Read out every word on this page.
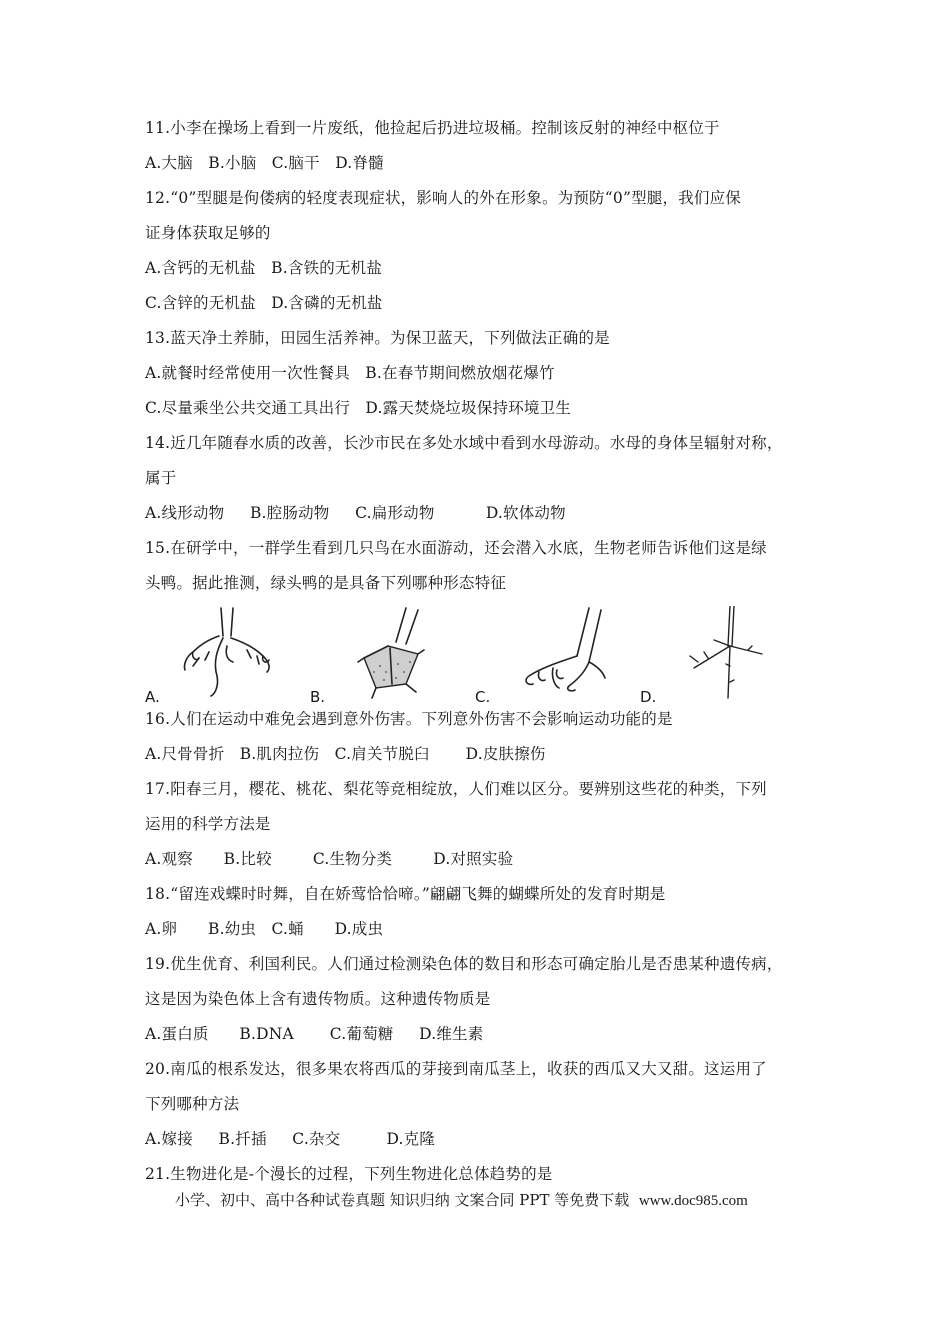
11.小李在操场上看到一片废纸，他捡起后扔进垃圾桶。控制该反射的神经中枢位于
A.大脑   B.小脑   C.脑干   D.脊髓
12.“0”型腿是佝偻病的轻度表现症状，影响人的外在形象。为预防“0”型腿，我们应保
证身体获取足够的
A.含钙的无机盐   B.含铁的无机盐
C.含锌的无机盐   D.含磷的无机盐
13.蓝天净土养肺，田园生活养神。为保卫蓝天，下列做法正确的是
A.就餐时经常使用一次性餐具   B.在春节期间燃放烟花爆竹
C.尽量乘坐公共交通工具出行   D.露天焚烧垃圾保持环境卫生
14.近几年随春水质的改善，长沙市民在多处水域中看到水母游动。水母的身体呈辐射对称，
属于
A.线形动物     B.腔肠动物     C.扁形动物          D.软体动物
15.在研学中，一群学生看到几只鸟在水面游动，还会潜入水底，生物老师告诉他们这是绿
头鸭。据此推测，绿头鸭的是具备下列哪种形态特征
A.	B.	C.	D.
16.人们在运动中难免会遇到意外伤害。下列意外伤害不会影响运动功能的是
A.尺骨骨折   B.肌肉拉伤   C.肩关节脱臼       D.皮肤擦伤
17.阳春三月，樱花、桃花、梨花等竞相绽放，人们难以区分。要辨别这些花的种类，下列
运用的科学方法是
A.观察      B.比较        C.生物分类        D.对照实验
18.“留连戏蝶时时舞，自在娇莺恰恰啼。”翩翩飞舞的蝴蝶所处的发育时期是
A.卵      B.幼虫   C.蛹      D.成虫
19.优生优育、利国利民。人们通过检测染色体的数目和形态可确定胎儿是否患某种遗传病，
这是因为染色体上含有遗传物质。这种遗传物质是
A.蛋白质      B.DNA       C.葡萄糖     D.维生素
20.南瓜的根系发达，很多果农将西瓜的芽接到南瓜茎上，收获的西瓜又大又甜。这运用了
下列哪种方法
A.嫁接     B.扦插     C.杂交         D.克隆
21.生物进化是-个漫长的过程，下列生物进化总体趋势的是
小学、初中、高中各种试卷真题 知识归纳 文案合同 PPT 等免费下载  www.doc985.com
